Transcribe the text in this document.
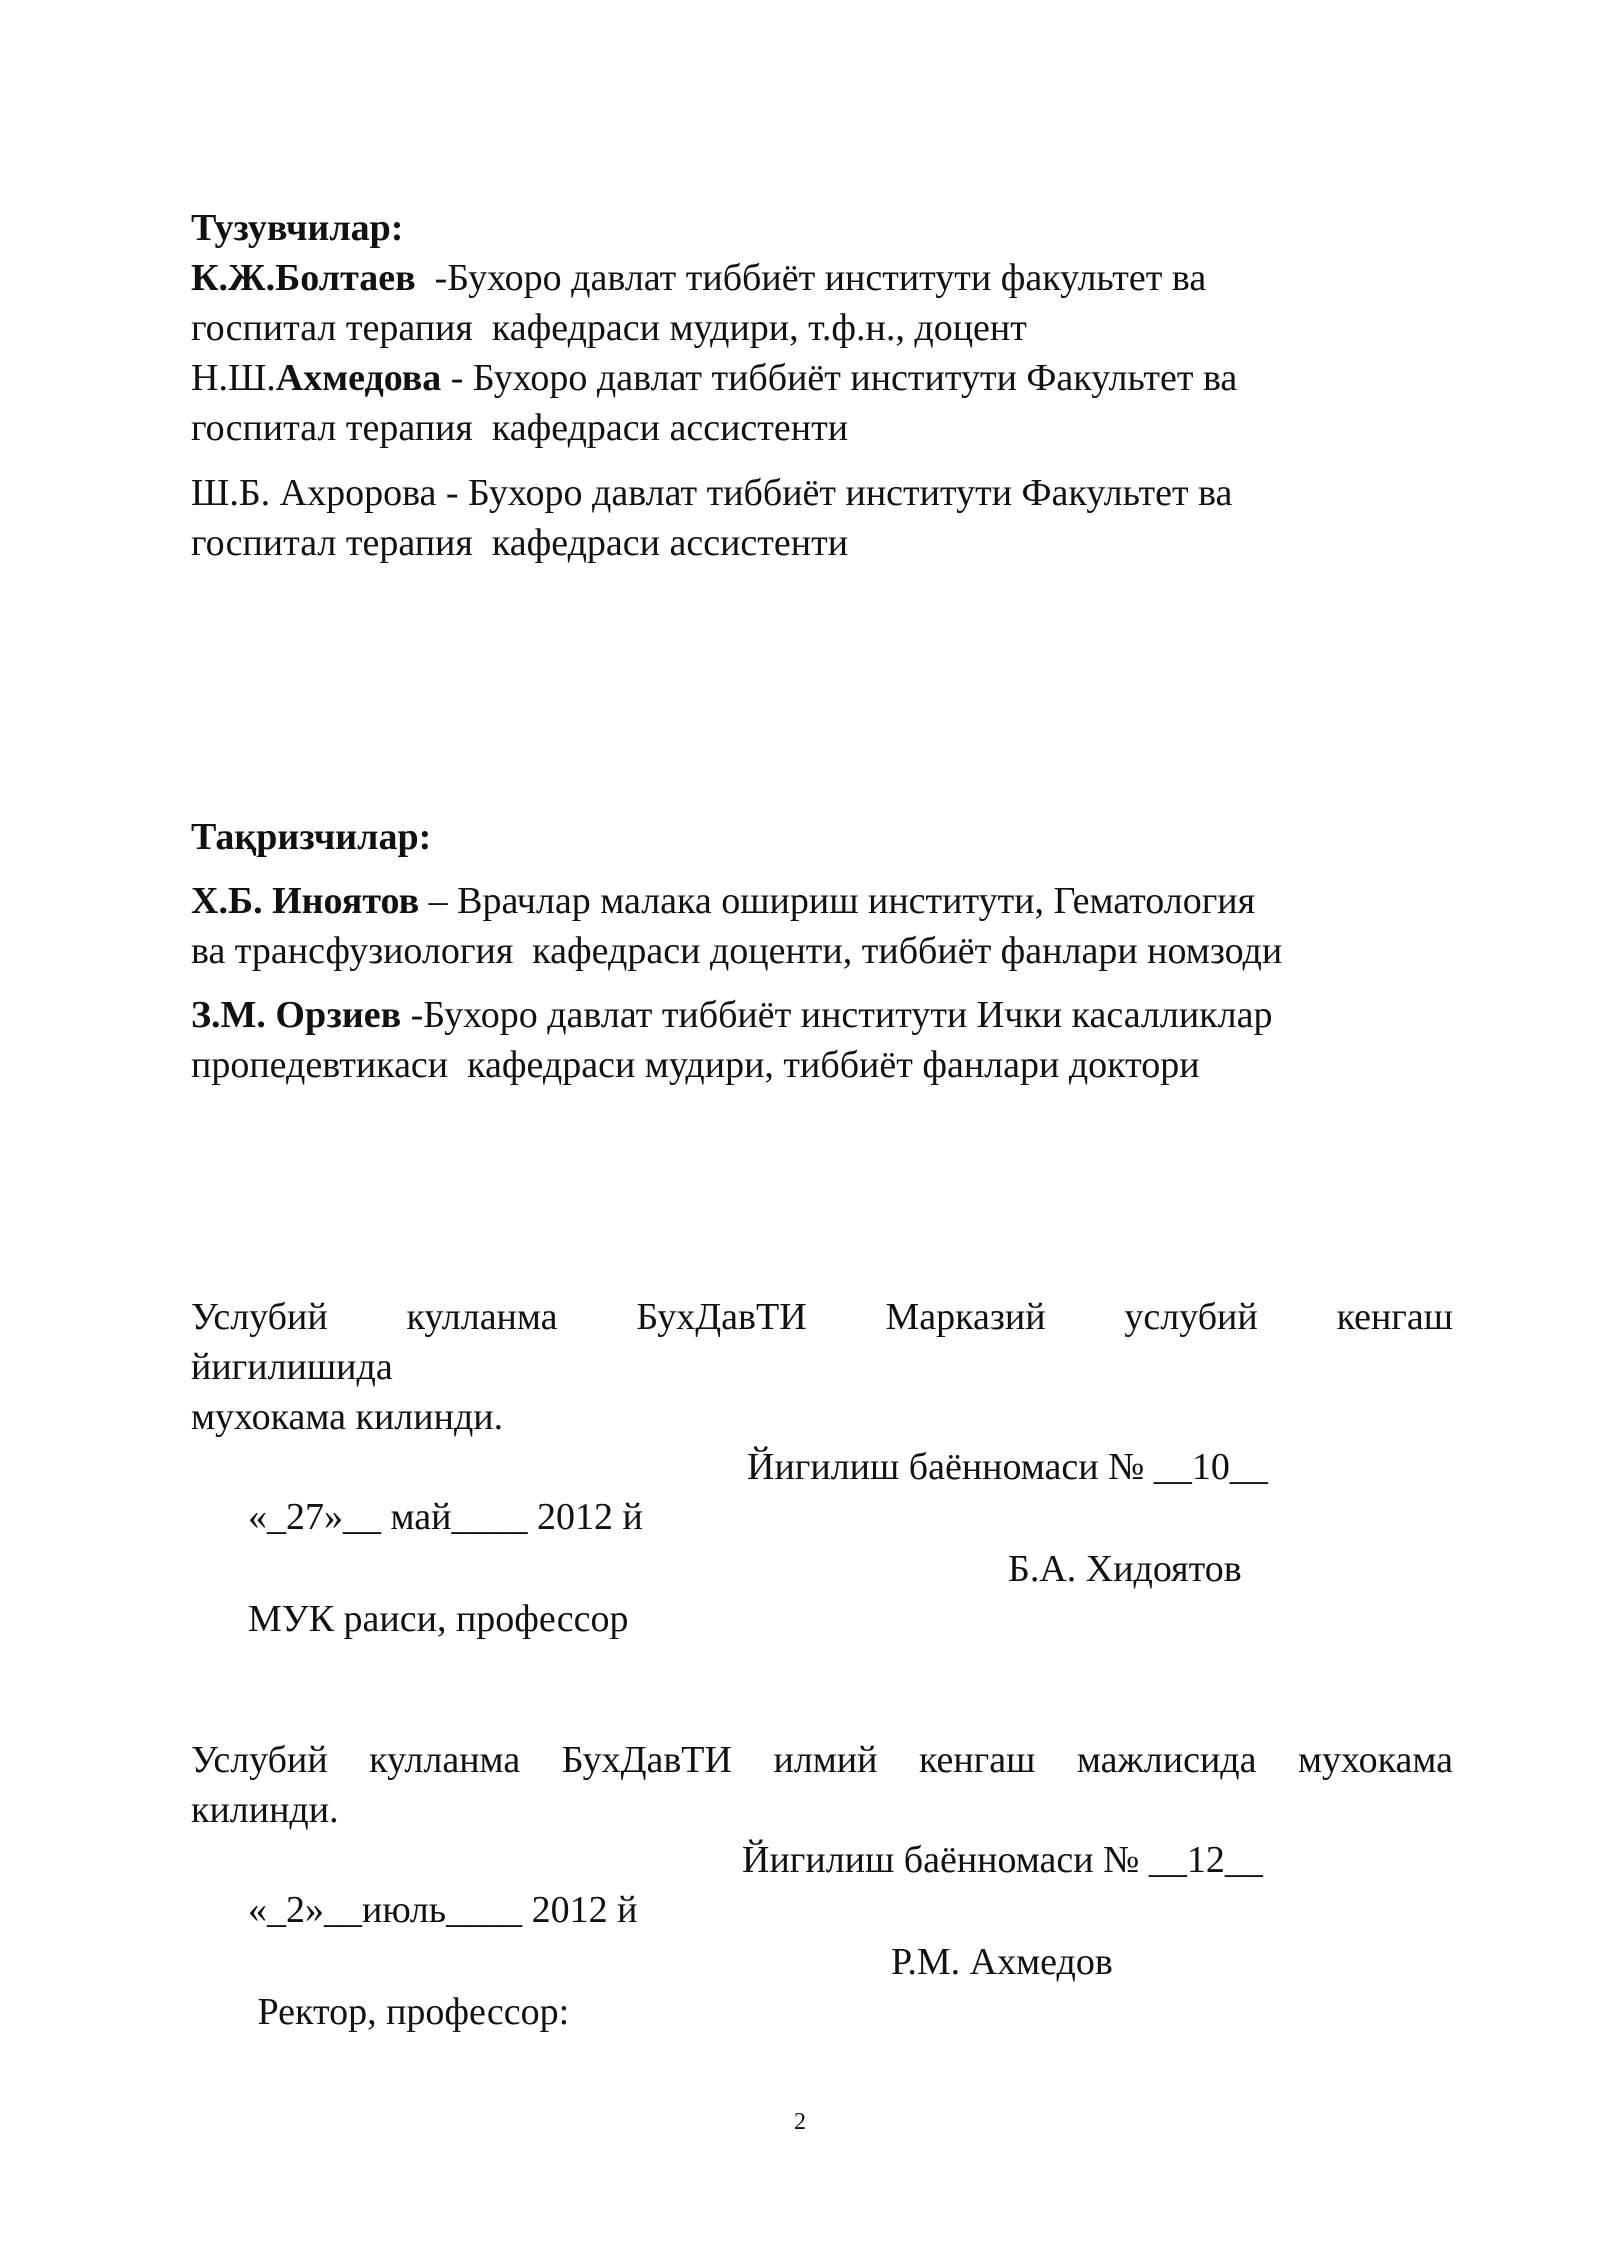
Тузувчилар:

К.Ж.Болтаев  -Бухоро давлат тиббиёт институти факультет ва
госпитал терапия  кафедраси мудири, т.ф.н., доцент

Н.Ш.Ахмедова - Бухоро давлат тиббиёт институти Факультет ва
госпитал терапия  кафедраси ассистенти

Ш.Б. Ахророва - Бухоро давлат тиббиёт институти Факультет ва
госпитал терапия  кафедраси ассистенти

Тақризчилар:

Х.Б. Иноятов – Врачлар малака ошириш институти, Гематология
ва трансфузиология  кафедраси доценти, тиббиёт фанлари номзоди

З.М. Орзиев -Бухоро давлат тиббиёт институти Ички касалликлар
пропедевтикаси  кафедраси мудири, тиббиёт фанлари доктори

Услубий кулланма БухДавТИ Марказий услубий кенгаш

йигилишида

мухокама килинди.

«_27»__ май____ 2012 й

Йигилиш баённомаси № __10__

МУК раиси, профессор

Б.А. Хидоятов

Услубий кулланма БухДавТИ илмий кенгаш мажлисида мухокама

килинди.

«_2»__июль____ 2012 й

Йигилиш баённомаси № __12__

Ректор, профессор:

Р.М. Ахмедов

2
